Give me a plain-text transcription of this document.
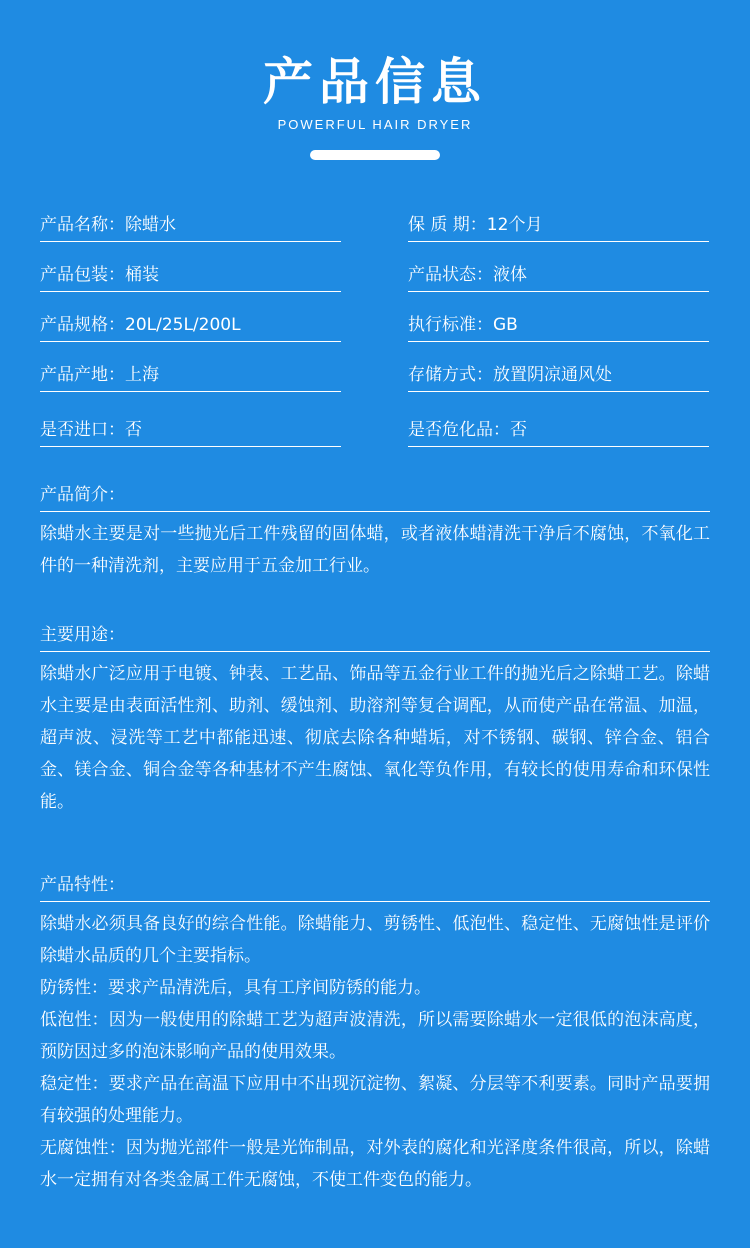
产品信息
POWERFUL HAIR DRYER
产品名称：除蜡水	保 质 期：12个月
产品包装：桶装	产品状态：液体
产品规格：20L/25L/200L	执行标准：GB
产品产地：上海	存储方式：放置阴凉通风处
是否进口：否	是否危化品：否
产品简介：

除蜡水主要是对一些抛光后工件残留的固体蜡，或者液体蜡清洗干净后不腐蚀，不氧化工件的一种清洗剂，主要应用于五金加工行业。

主要用途：

除蜡水广泛应用于电镀、钟表、工艺品、饰品等五金行业工件的抛光后之除蜡工艺。除蜡水主要是由表面活性剂、助剂、缓蚀剂、助溶剂等复合调配，从而使产品在常温、加温，超声波、浸洗等工艺中都能迅速、彻底去除各种蜡垢，对不锈钢、碳钢、锌合金、铝合金、镁合金、铜合金等各种基材不产生腐蚀、氧化等负作用，有较长的使用寿命和环保性能。

产品特性：

除蜡水必须具备良好的综合性能。除蜡能力、剪锈性、低泡性、稳定性、无腐蚀性是评价除蜡水品质的几个主要指标。

防锈性：要求产品清洗后，具有工序间防锈的能力。

低泡性：因为一般使用的除蜡工艺为超声波清洗，所以需要除蜡水一定很低的泡沫高度，预防因过多的泡沫影响产品的使用效果。

稳定性：要求产品在高温下应用中不出现沉淀物、絮凝、分层等不利要素。同时产品要拥有较强的处理能力。

无腐蚀性：因为抛光部件一般是光饰制品，对外表的腐化和光泽度条件很高，所以，除蜡水一定拥有对各类金属工件无腐蚀，不使工件变色的能力。
